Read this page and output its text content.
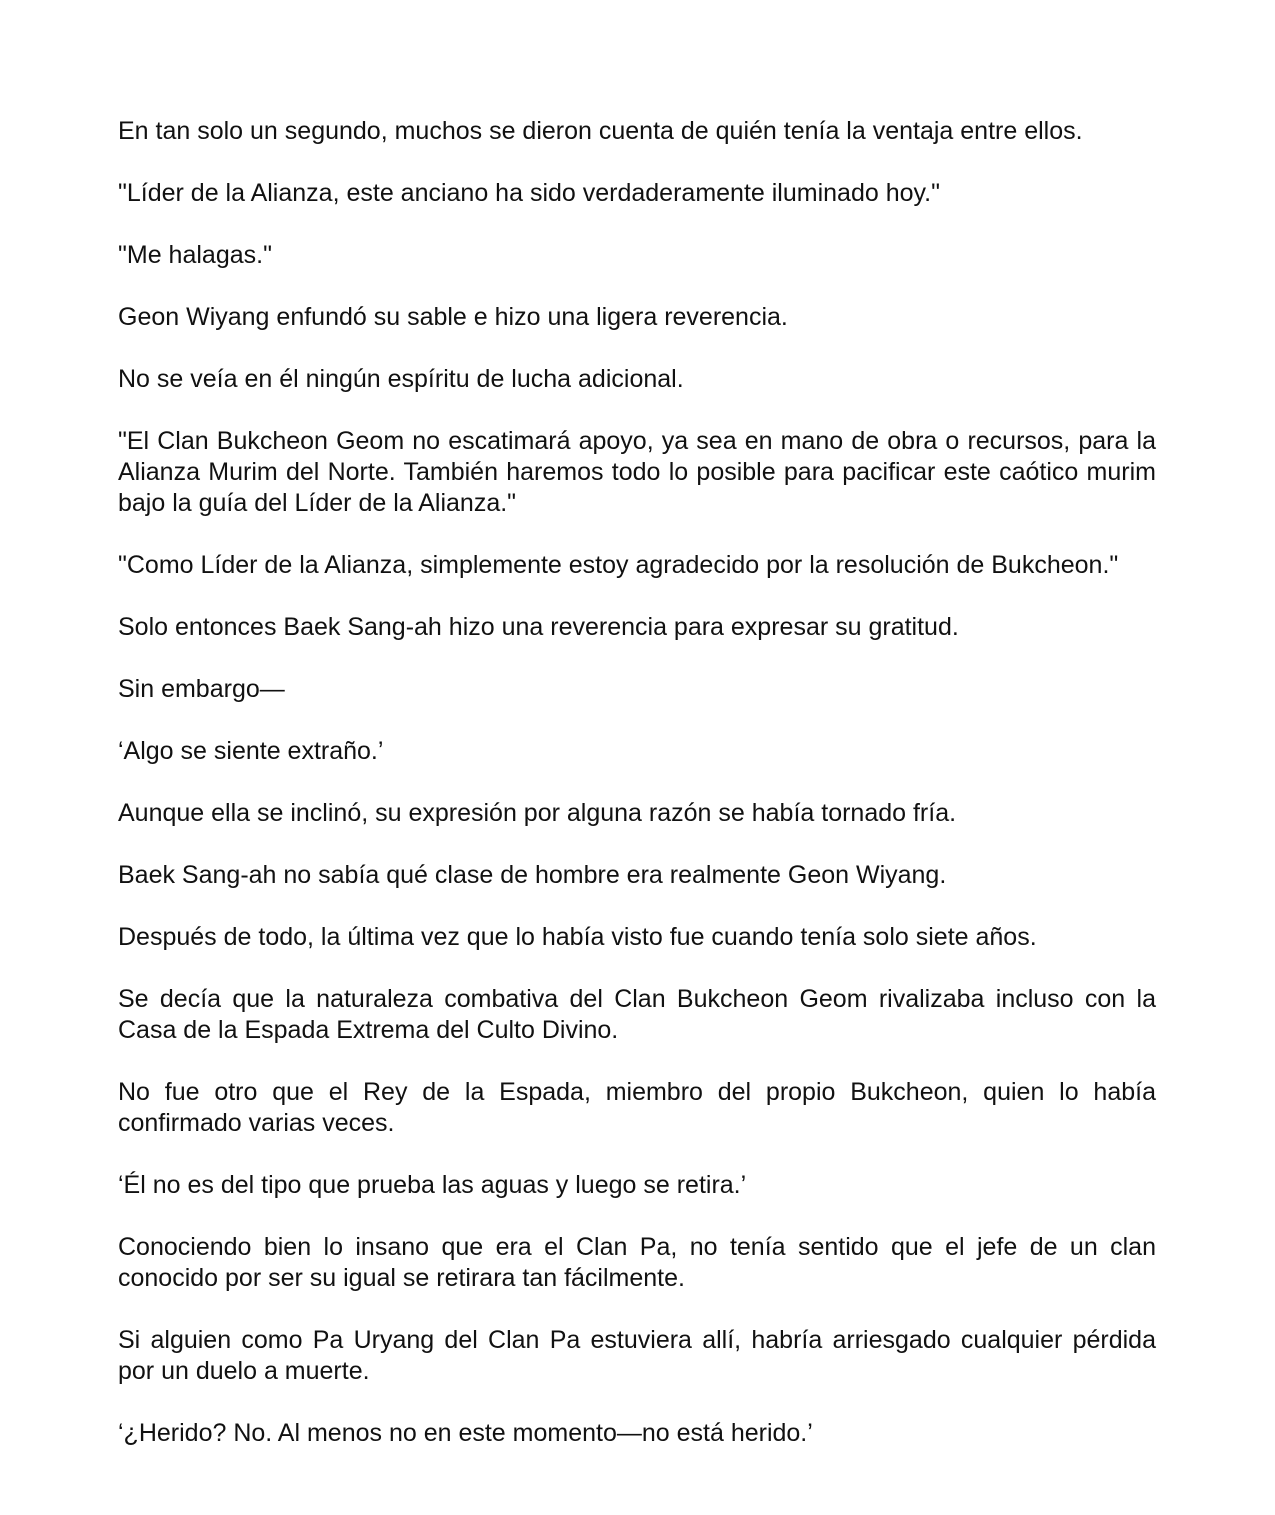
En tan solo un segundo, muchos se dieron cuenta de quién tenía la ventaja entre ellos.

"Líder de la Alianza, este anciano ha sido verdaderamente iluminado hoy."

"Me halagas."

Geon Wiyang enfundó su sable e hizo una ligera reverencia.

No se veía en él ningún espíritu de lucha adicional.

"El Clan Bukcheon Geom no escatimará apoyo, ya sea en mano de obra o recursos, para la Alianza Murim del Norte. También haremos todo lo posible para pacificar este caótico murim bajo la guía del Líder de la Alianza."

"Como Líder de la Alianza, simplemente estoy agradecido por la resolución de Bukcheon."

Solo entonces Baek Sang-ah hizo una reverencia para expresar su gratitud.

Sin embargo—

‘Algo se siente extraño.’

Aunque ella se inclinó, su expresión por alguna razón se había tornado fría.

Baek Sang-ah no sabía qué clase de hombre era realmente Geon Wiyang.

Después de todo, la última vez que lo había visto fue cuando tenía solo siete años.

Se decía que la naturaleza combativa del Clan Bukcheon Geom rivalizaba incluso con la Casa de la Espada Extrema del Culto Divino.

No fue otro que el Rey de la Espada, miembro del propio Bukcheon, quien lo había confirmado varias veces.

‘Él no es del tipo que prueba las aguas y luego se retira.’

Conociendo bien lo insano que era el Clan Pa, no tenía sentido que el jefe de un clan conocido por ser su igual se retirara tan fácilmente.

Si alguien como Pa Uryang del Clan Pa estuviera allí, habría arriesgado cualquier pérdida por un duelo a muerte.

‘¿Herido? No. Al menos no en este momento—no está herido.’
